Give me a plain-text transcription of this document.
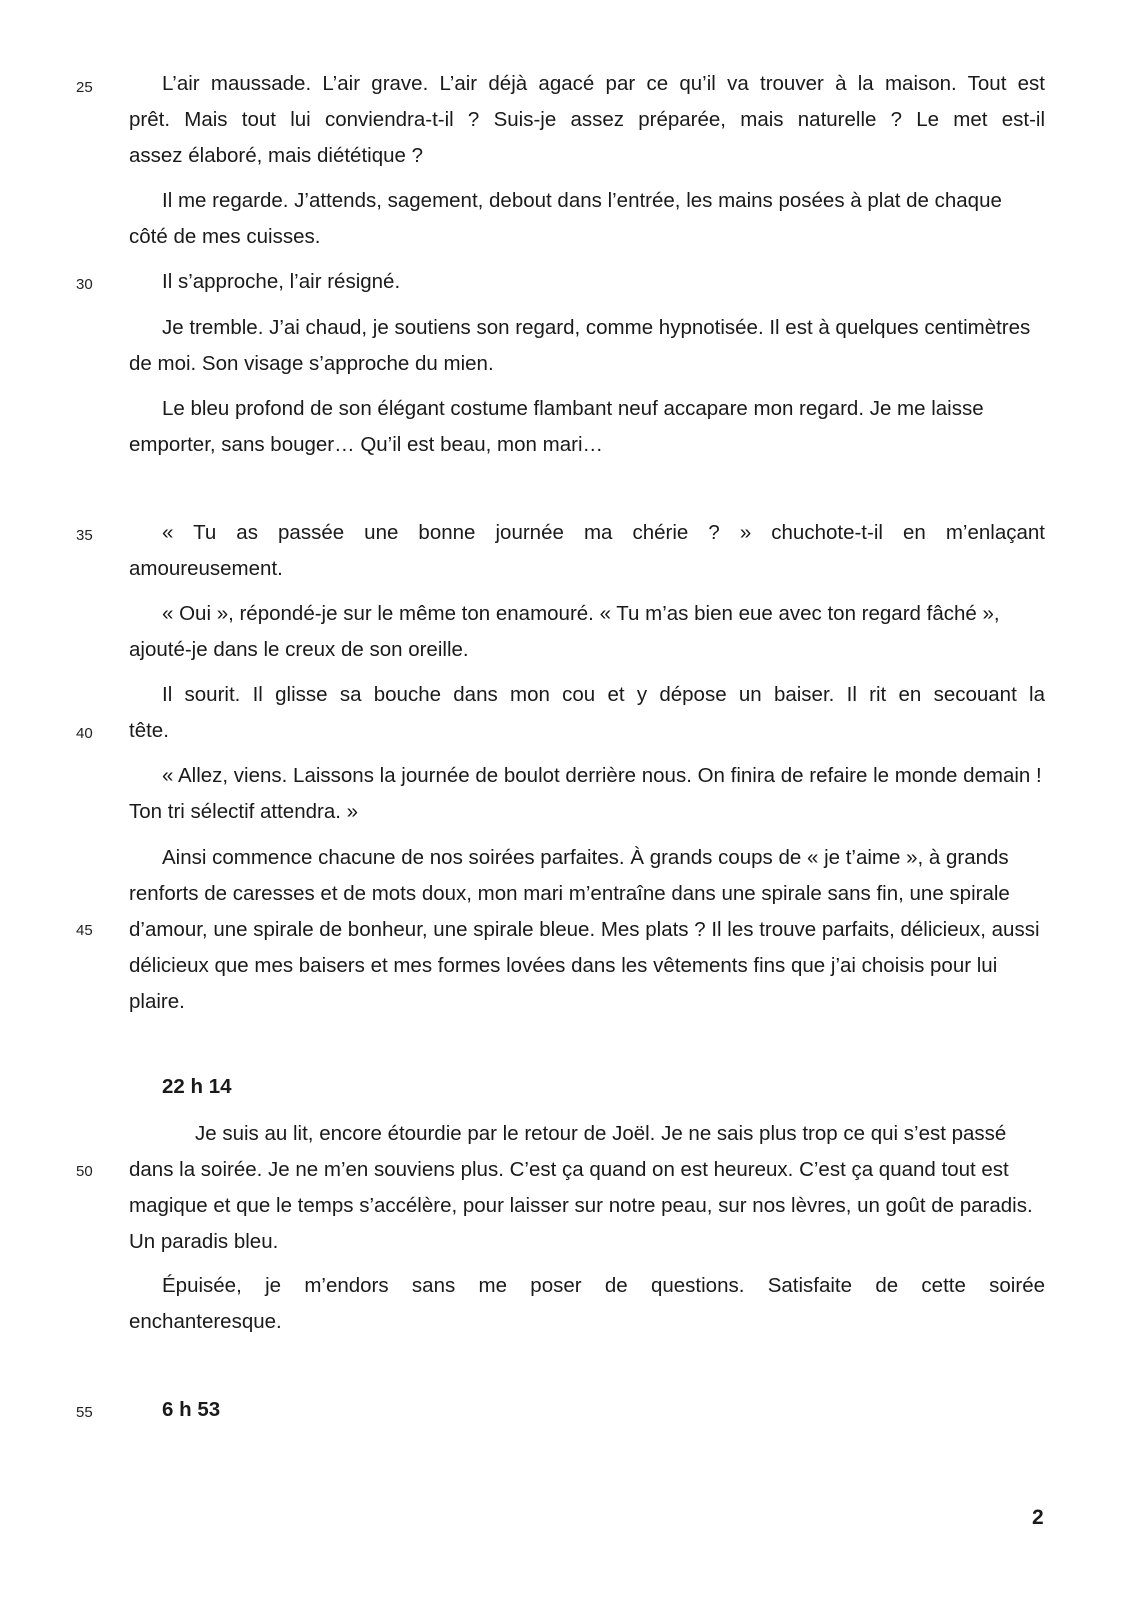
25
30
35
40
45
50
55

L’air maussade. L’air grave. L’air déjà agacé par ce qu’il va trouver à la maison. Tout est

prêt. Mais tout lui conviendra-t-il ? Suis-je assez préparée, mais naturelle ? Le met est-il

assez élaboré, mais diététique ?

Il me regarde. J’attends, sagement, debout dans l’entrée, les mains posées à plat de chaque côté de mes cuisses.

Il s’approche, l’air résigné.

Je tremble. J’ai chaud, je soutiens son regard, comme hypnotisée. Il est à quelques centimètres de moi. Son visage s’approche du mien.

Le bleu profond de son élégant costume flambant neuf accapare mon regard. Je me laisse emporter, sans bouger… Qu’il est beau, mon mari…

« Tu as passée une bonne journée ma chérie ? » chuchote-t-il en m’enlaçant

amoureusement.

« Oui », répondé-je sur le même ton enamouré. « Tu m’as bien eue avec ton regard fâché », ajouté-je dans le creux de son oreille.

Il sourit. Il glisse sa bouche dans mon cou et y dépose un baiser. Il rit en secouant la

tête.

« Allez, viens. Laissons la journée de boulot derrière nous. On finira de refaire le monde demain ! Ton tri sélectif attendra. »

Ainsi commence chacune de nos soirées parfaites. À grands coups de « je t’aime », à grands renforts de caresses et de mots doux, mon mari m’entraîne dans une spirale sans fin, une spirale d’amour, une spirale de bonheur, une spirale bleue. Mes plats ? Il les trouve parfaits, délicieux, aussi délicieux que mes baisers et mes formes lovées dans les vêtements fins que j’ai choisis pour lui plaire.

22 h 14

Je suis au lit, encore étourdie par le retour de Joël. Je ne sais plus trop ce qui s’est passé dans la soirée. Je ne m’en souviens plus. C’est ça quand on est heureux. C’est ça quand tout est magique et que le temps s’accélère, pour laisser sur notre peau, sur nos lèvres, un goût de paradis. Un paradis bleu.

Épuisée, je m’endors sans me poser de questions. Satisfaite de cette soirée

enchanteresque.

6 h 53

2
